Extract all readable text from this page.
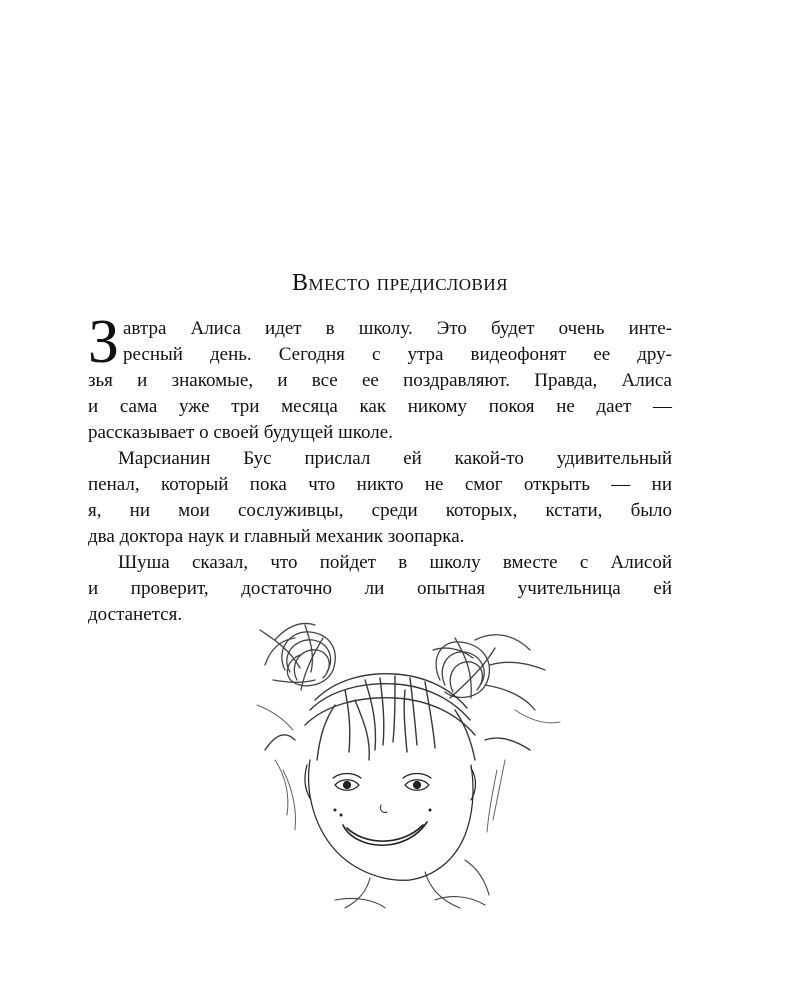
Вместо предисловия
З автра Алиса идет в школу. Это будет очень инте-
ресный день. Сегодня с утра видеофонят ее дру-
зья и знакомые, и все ее поздравляют. Правда, Алиса
и сама уже три месяца как никому покоя не дает —
рассказывает о своей будущей школе.
Марсианин Бус прислал ей какой-то удивительный
пенал, который пока что никто не смог открыть — ни
я, ни мои сослуживцы, среди которых, кстати, было
два доктора наук и главный механик зоопарка.
Шуша сказал, что пойдет в школу вместе с Алисой
и проверит, достаточно ли опытная учительница ей
достанется.
